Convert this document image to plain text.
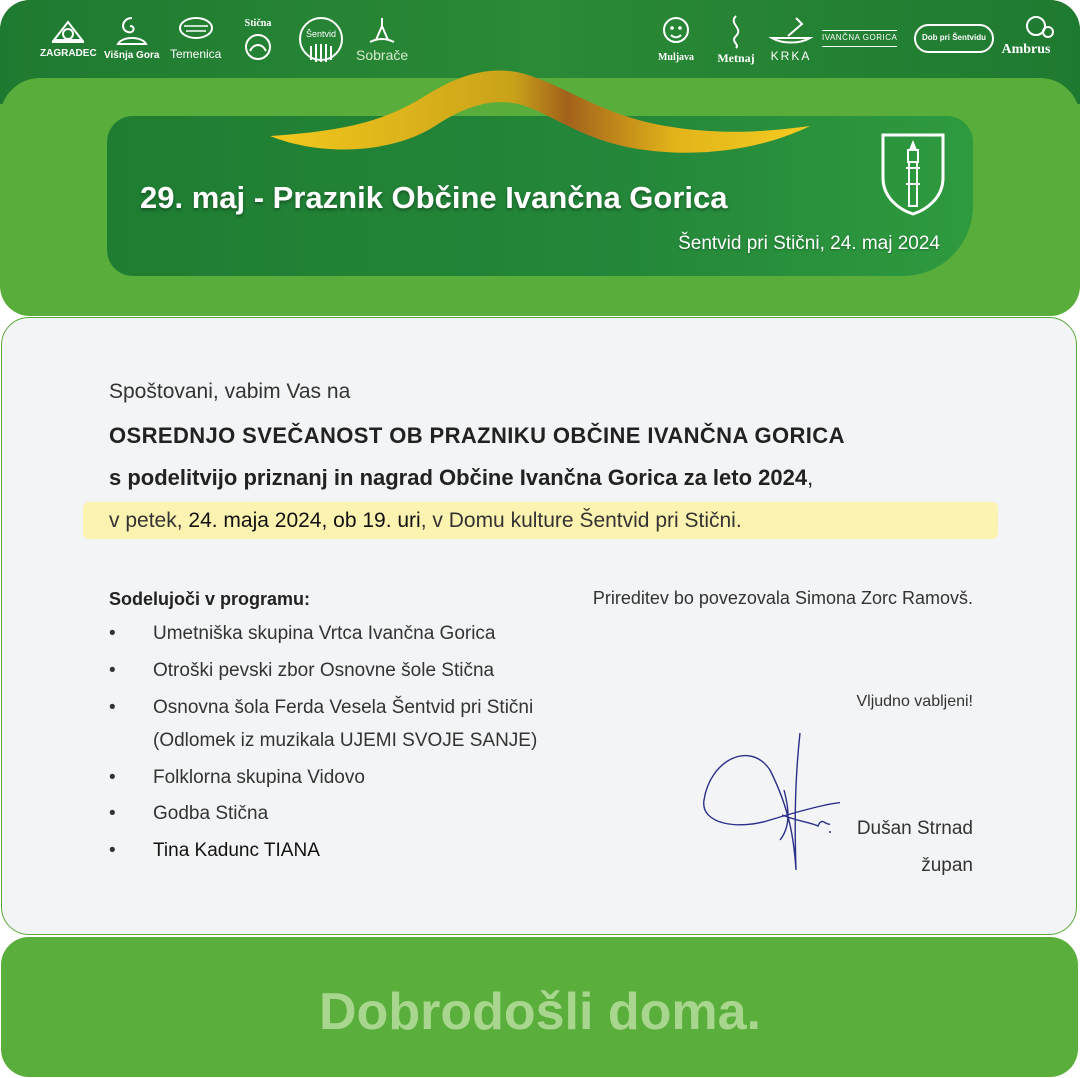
ZAGRADEC Višnja Gora Temenica
Stična
Šentvid
Sobrače	Muljava Metnaj KRKA
IVANČNA GORICA	Dob pri Šentvidu
Ambrus
29. maj - Praznik Občine Ivančna Gorica
Šentvid pri Stični, 24. maj 2024
Spoštovani, vabim Vas na
OSREDNJO SVEČANOST OB PRAZNIKU OBČINE IVANČNA GORICA
s podelitvijo priznanj in nagrad Občine Ivančna Gorica za leto 2024,
v petek, 24. maja 2024, ob 19. uri, v Domu kulture Šentvid pri Stični.
Sodelujoči v programu:	Prireditev bo povezovala Simona Zorc Ramovš.
• Umetniška skupina Vrtca Ivančna Gorica
• Otroški pevski zbor Osnovne šole Stična
• Osnovna šola Ferda Vesela Šentvid pri Stični
(Odlomek iz muzikala UJEMI SVOJE SANJE)
• Folklorna skupina Vidovo
• Godba Stična
• Tina Kadunc TIANA
Vljudno vabljeni!
Dušan Strnad
župan
Dobrodošli doma.
